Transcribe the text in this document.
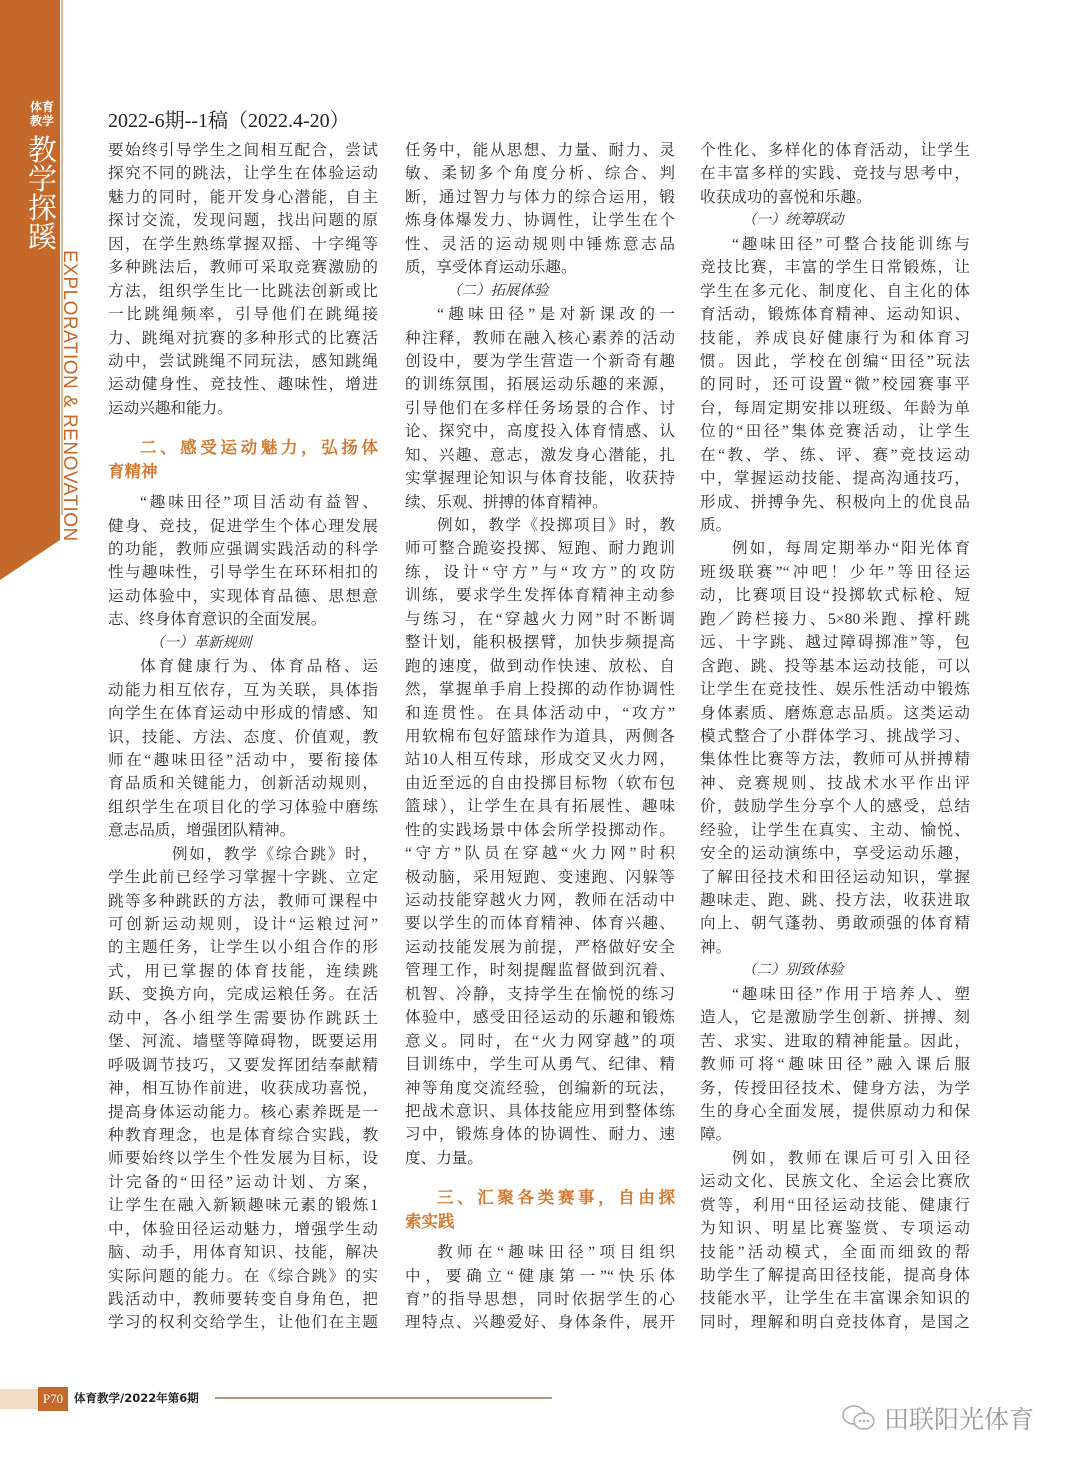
体育教学
教学探蹊
EXPLORATION & RENOVATION
2022-6期--1稿（2022.4-20）
要始终引导学生之间相互配合，尝试
探究不同的跳法，让学生在体验运动
魅力的同时，能开发身心潜能，自主
探讨交流，发现问题，找出问题的原
因，在学生熟练掌握双摇、十字绳等
多种跳法后，教师可采取竞赛激励的
方法，组织学生比一比跳法创新或比
一比跳绳频率，引导他们在跳绳接
力、跳绳对抗赛的多种形式的比赛活
动中，尝试跳绳不同玩法，感知跳绳
运动健身性、竞技性、趣味性，增进
运动兴趣和能力。
二、感受运动魅力，弘扬体
育精神
“趣味田径”项目活动有益智、
健身、竞技，促进学生个体心理发展
的功能，教师应强调实践活动的科学
性与趣味性，引导学生在环环相扣的
运动体验中，实现体育品德、思想意
志、终身体育意识的全面发展。
（一）革新规则
体育健康行为、体育品格、运
动能力相互依存，互为关联，具体指
向学生在体育运动中形成的情感、知
识，技能、方法、态度、价值观，教
师在“趣味田径”活动中，要衔接体
育品质和关键能力，创新活动规则，
组织学生在项目化的学习体验中磨练
意志品质，增强团队精神。
例如，教学《综合跳》时，
学生此前已经学习掌握十字跳、立定
跳等多种跳跃的方法，教师可课程中
可创新运动规则，设计“运粮过河”
的主题任务，让学生以小组合作的形
式，用已掌握的体育技能，连续跳
跃、变换方向，完成运粮任务。在活
动中，各小组学生需要协作跳跃土
堡、河流、墙壁等障碍物，既要运用
呼吸调节技巧，又要发挥团结奉献精
神，相互协作前进，收获成功喜悦，
提高身体运动能力。核心素养既是一
种教育理念，也是体育综合实践，教
师要始终以学生个性发展为目标，设
计完备的“田径”运动计划、方案，
让学生在融入新颖趣味元素的锻炼1
中，体验田径运动魅力，增强学生动
脑、动手，用体育知识、技能，解决
实际问题的能力。在《综合跳》的实
践活动中，教师要转变自身角色，把
学习的权利交给学生，让他们在主题
任务中，能从思想、力量、耐力、灵
敏、柔韧多个角度分析、综合、判
断，通过智力与体力的综合运用，锻
炼身体爆发力、协调性，让学生在个
性、灵活的运动规则中锤炼意志品
质，享受体育运动乐趣。
（二）拓展体验
“趣味田径”是对新课改的一
种注释，教师在融入核心素养的活动
创设中，要为学生营造一个新奇有趣
的训练氛围，拓展运动乐趣的来源，
引导他们在多样任务场景的合作、讨
论、探究中，高度投入体育情感、认
知、兴趣、意志，激发身心潜能，扎
实掌握理论知识与体育技能，收获持
续、乐观、拼搏的体育精神。
例如，教学《投掷项目》时，教
师可整合跪姿投掷、短跑、耐力跑训
练，设计“守方”与“攻方”的攻防
训练，要求学生发挥体育精神主动参
与练习，在“穿越火力网”时不断调
整计划，能积极摆臂，加快步频提高
跑的速度，做到动作快速、放松、自
然，掌握单手肩上投掷的动作协调性
和连贯性。在具体活动中，“攻方”
用软棉布包好篮球作为道具，两侧各
站10人相互传球，形成交叉火力网，
由近至远的自由投掷目标物（软布包
篮球），让学生在具有拓展性、趣味
性的实践场景中体会所学投掷动作。
“守方”队员在穿越“火力网”时积
极动脑，采用短跑、变速跑、闪躲等
运动技能穿越火力网，教师在活动中
要以学生的而体育精神、体育兴趣、
运动技能发展为前提，严格做好安全
管理工作，时刻提醒监督做到沉着、
机智、冷静，支持学生在愉悦的练习
体验中，感受田径运动的乐趣和锻炼
意义。同时，在“火力网穿越”的项
目训练中，学生可从勇气、纪律、精
神等角度交流经验，创编新的玩法，
把战术意识、具体技能应用到整体练
习中，锻炼身体的协调性、耐力、速
度、力量。
三、汇聚各类赛事，自由探
索实践
教师在“趣味田径”项目组织
中，要确立“健康第一”“快乐体
育”的指导思想，同时依据学生的心
理特点、兴趣爱好、身体条件，展开
个性化、多样化的体育活动，让学生
在丰富多样的实践、竞技与思考中，
收获成功的喜悦和乐趣。
（一）统筹联动
“趣味田径”可整合技能训练与
竞技比赛，丰富的学生日常锻炼，让
学生在多元化、制度化、自主化的体
育活动，锻炼体育精神、运动知识、
技能，养成良好健康行为和体育习
惯。因此，学校在创编“田径”玩法
的同时，还可设置“微”校园赛事平
台，每周定期安排以班级、年龄为单
位的“田径”集体竞赛活动，让学生
在“教、学、练、评、赛”竞技运动
中，掌握运动技能、提高沟通技巧，
形成、拼搏争先、积极向上的优良品
质。
例如，每周定期举办“阳光体育
班级联赛”“冲吧！少年”等田径运
动，比赛项目设“投掷软式标枪、短
跑／跨栏接力、5×80米跑、撑杆跳
远、十字跳、越过障碍掷准”等，包
含跑、跳、投等基本运动技能，可以
让学生在竞技性、娱乐性活动中锻炼
身体素质、磨炼意志品质。这类运动
模式整合了小群体学习、挑战学习、
集体性比赛等方法，教师可从拼搏精
神、竞赛规则、技战术水平作出评
价，鼓励学生分享个人的感受，总结
经验，让学生在真实、主动、愉悦、
安全的运动演练中，享受运动乐趣，
了解田径技术和田径运动知识，掌握
趣味走、跑、跳、投方法，收获进取
向上、朝气蓬勃、勇敢顽强的体育精
神。
（二）别致体验
“趣味田径”作用于培养人、塑
造人，它是激励学生创新、拼搏、刻
苦、求实、进取的精神能量。因此，
教师可将“趣味田径”融入课后服
务，传授田径技术、健身方法，为学
生的身心全面发展，提供原动力和保
障。
例如，教师在课后可引入田径
运动文化、民族文化、全运会比赛欣
赏等，利用“田径运动技能、健康行
为知识、明星比赛鉴赏、专项运动
技能”活动模式，全面而细致的帮
助学生了解提高田径技能，提高身体
技能水平，让学生在丰富课余知识的
同时，理解和明白竞技体育，是国之
P70 体育教学/2022年第6期
田联阳光体育
